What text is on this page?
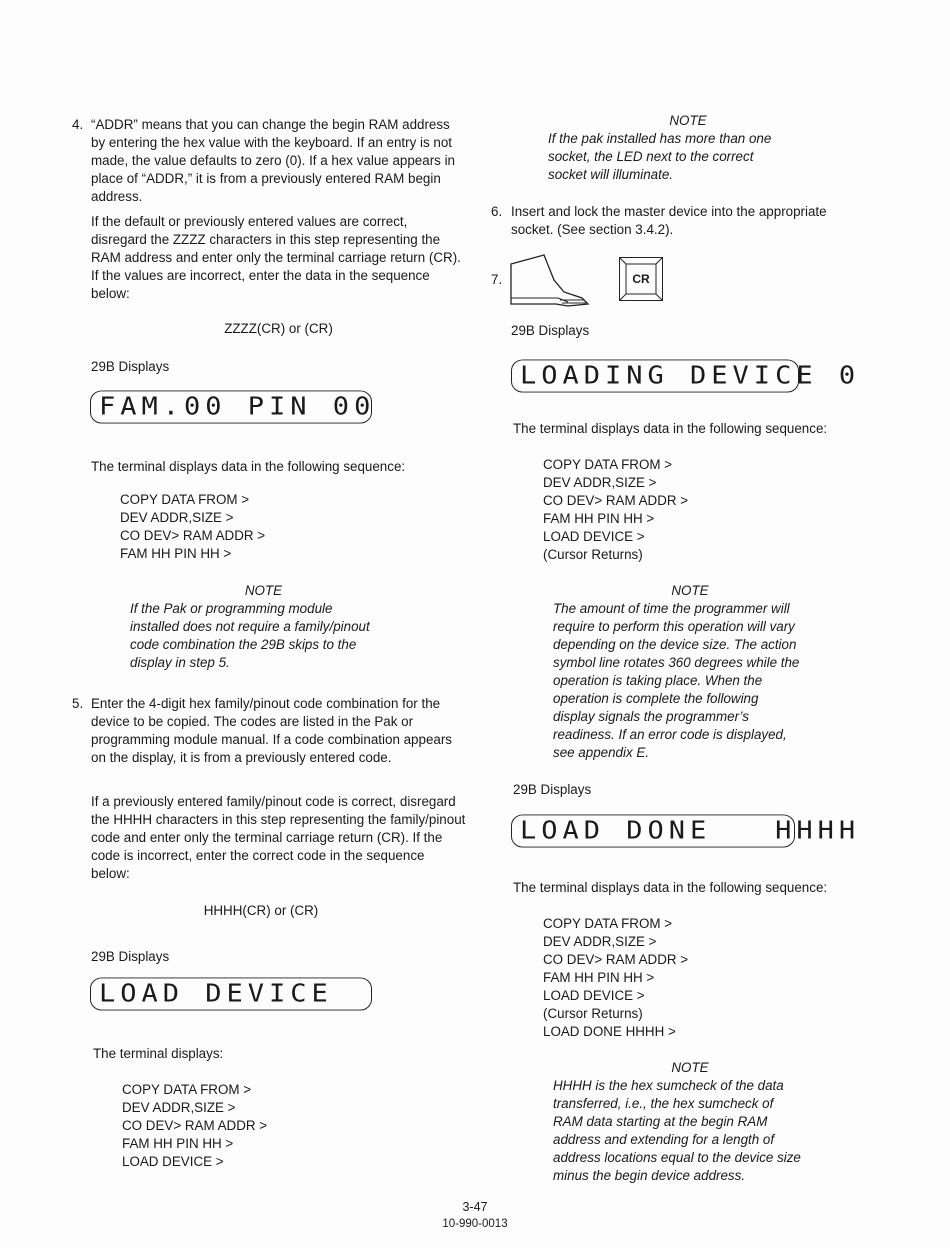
4. “ADDR” means that you can change the begin RAM address by entering the hex value with the keyboard. If an entry is not made, the value defaults to zero (0). If a hex value appears in place of “ADDR,” it is from a previously entered RAM begin address.

If the default or previously entered values are correct, disregard the ZZZZ characters in this step representing the RAM address and enter only the terminal carriage return (CR). If the values are incorrect, enter the data in the sequence below:

ZZZZ(CR) or (CR)
29B Displays
FAM.00 PIN 00
The terminal displays data in the following sequence:
COPY DATA FROM >
DEV ADDR,SIZE >
CO DEV> RAM ADDR >
FAM HH PIN HH >
NOTE
If the Pak or programming module
installed does not require a family/pinout
code combination the 29B skips to the
display in step 5.
5. Enter the 4-digit hex family/pinout code combination for the device to be copied. The codes are listed in the Pak or programming module manual. If a code combination appears on the display, it is from a previously entered code.

If a previously entered family/pinout code is correct, disregard the HHHH characters in this step representing the family/pinout code and enter only the terminal carriage return (CR). If the code is incorrect, enter the correct code in the sequence below:

HHHH(CR) or (CR)
29B Displays
LOAD DEVICE
The terminal displays:
COPY DATA FROM >
DEV ADDR,SIZE >
CO DEV> RAM ADDR >
FAM HH PIN HH >
LOAD DEVICE >
NOTE
If the pak installed has more than one
socket, the LED next to the correct
socket will illuminate.
6. Insert and lock the master device into the appropriate socket. (See section 3.4.2).

7.	CR
29B Displays
LOADING DEVICE 0
The terminal displays data in the following sequence:
COPY DATA FROM >
DEV ADDR,SIZE >
CO DEV> RAM ADDR >
FAM HH PIN HH >
LOAD DEVICE >
(Cursor Returns)
NOTE
The amount of time the programmer will
require to perform this operation will vary
depending on the device size. The action
symbol line rotates 360 degrees while the
operation is taking place. When the
operation is complete the following
display signals the programmer’s
readiness. If an error code is displayed,
see appendix E.
29B Displays
LOAD DONE   HHHH
The terminal displays data in the following sequence:
COPY DATA FROM >
DEV ADDR,SIZE >
CO DEV> RAM ADDR >
FAM HH PIN HH >
LOAD DEVICE >
(Cursor Returns)
LOAD DONE HHHH >
NOTE
HHHH is the hex sumcheck of the data
transferred, i.e., the hex sumcheck of
RAM data starting at the begin RAM
address and extending for a length of
address locations equal to the device size
minus the begin device address.
3-47
10-990-0013
